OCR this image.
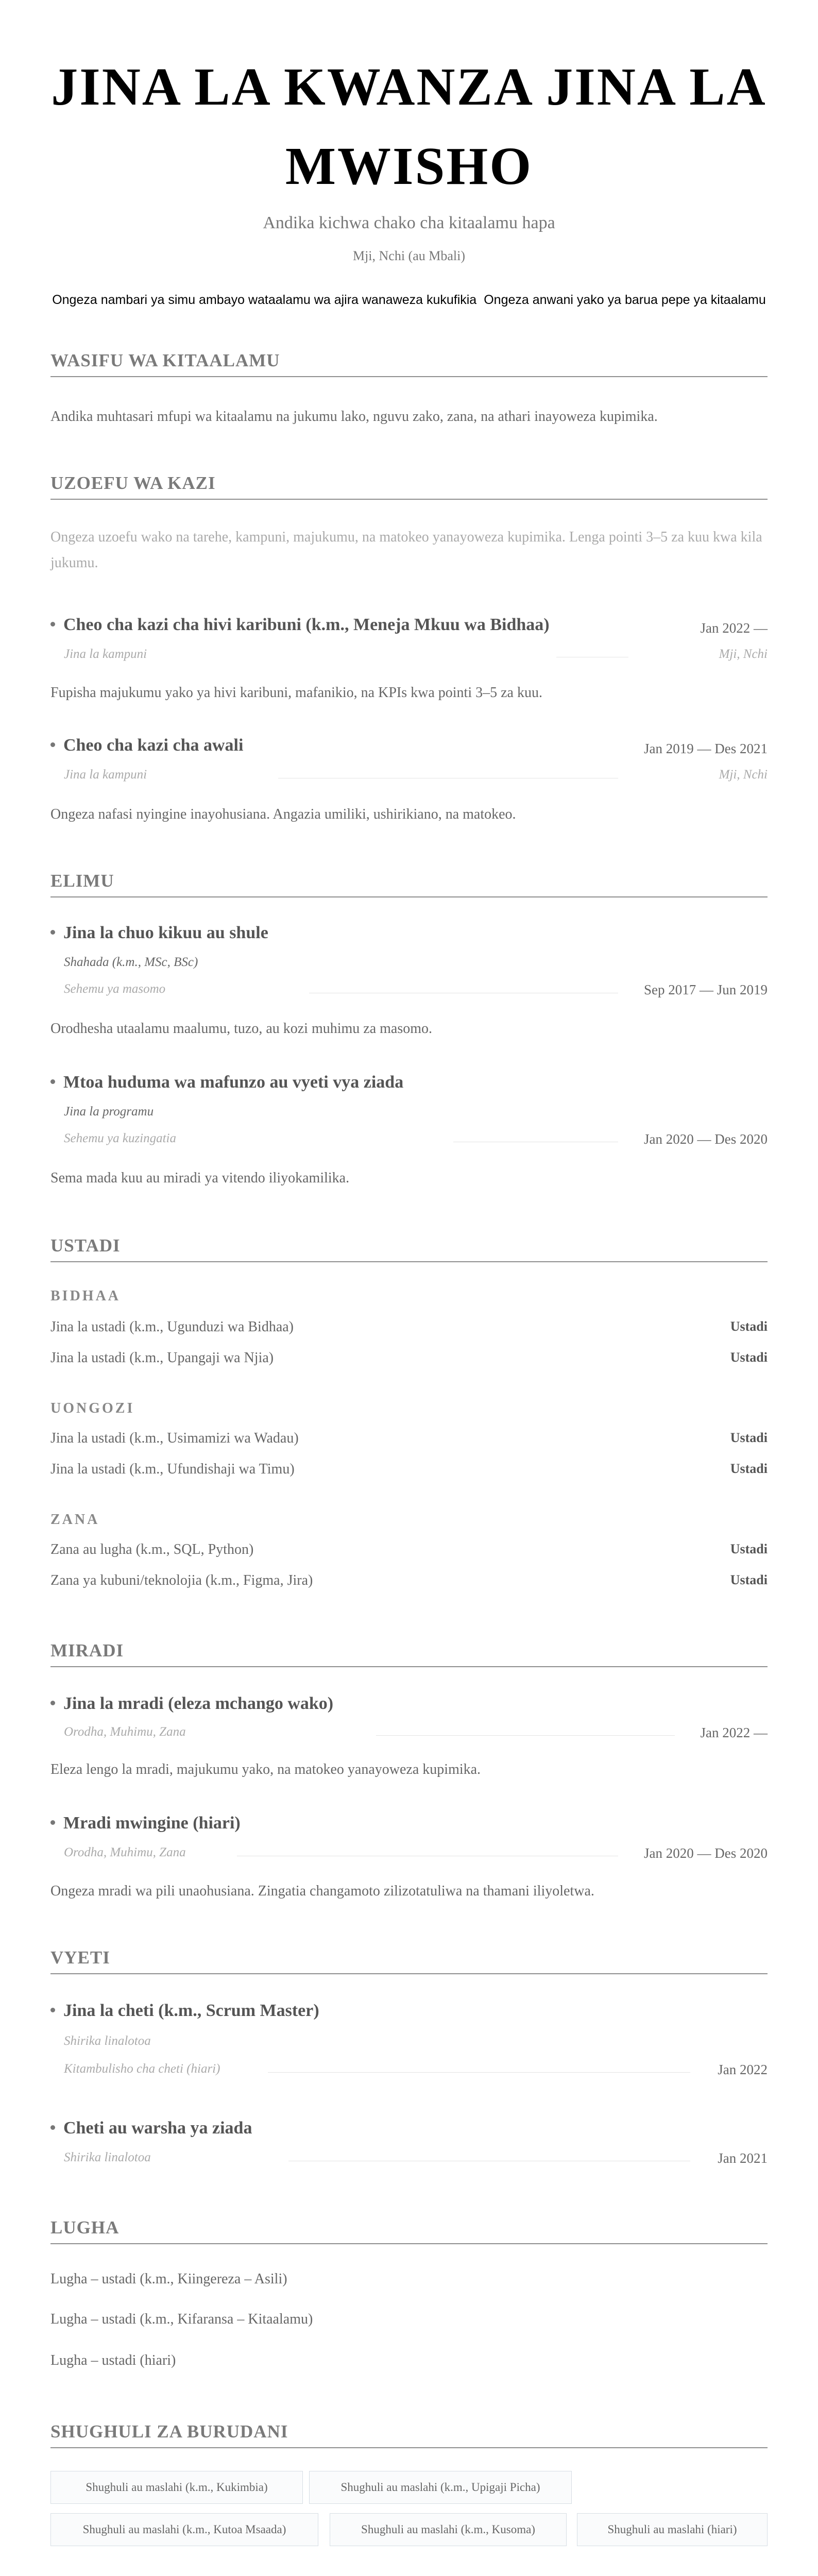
JINA LA KWANZA JINA LA MWISHO
Andika kichwa chako cha kitaalamu hapa
Mji, Nchi (au Mbali)
Ongeza nambari ya simu ambayo wataalamu wa ajira wanaweza kukufikia Ongeza anwani yako ya barua pepe ya kitaalamu
WASIFU WA KITAALAMU
Andika muhtasari mfupi wa kitaalamu na jukumu lako, nguvu zako, zana, na athari inayoweza kupimika.
UZOEFU WA KAZI
Ongeza uzoefu wako na tarehe, kampuni, majukumu, na matokeo yanayoweza kupimika. Lenga pointi 3–5 za kuu kwa kila jukumu.
Cheo cha kazi cha hivi karibuni (k.m., Meneja Mkuu wa Bidhaa)	Jan 2022 —
Jina la kampuni	Mji, Nchi
Fupisha majukumu yako ya hivi karibuni, mafanikio, na KPIs kwa pointi 3–5 za kuu.
Cheo cha kazi cha awali	Jan 2019 — Des 2021
Jina la kampuni	Mji, Nchi
Ongeza nafasi nyingine inayohusiana. Angazia umiliki, ushirikiano, na matokeo.
ELIMU
Jina la chuo kikuu au shule
Shahada (k.m., MSc, BSc)
Sehemu ya masomo	Sep 2017 — Jun 2019
Orodhesha utaalamu maalumu, tuzo, au kozi muhimu za masomo.
Mtoa huduma wa mafunzo au vyeti vya ziada
Jina la programu
Sehemu ya kuzingatia	Jan 2020 — Des 2020
Sema mada kuu au miradi ya vitendo iliyokamilika.
USTADI
BIDHAA
Jina la ustadi (k.m., Ugunduzi wa Bidhaa)	Ustadi
Jina la ustadi (k.m., Upangaji wa Njia)	Ustadi
UONGOZI
Jina la ustadi (k.m., Usimamizi wa Wadau)	Ustadi
Jina la ustadi (k.m., Ufundishaji wa Timu)	Ustadi
ZANA
Zana au lugha (k.m., SQL, Python)	Ustadi
Zana ya kubuni/teknolojia (k.m., Figma, Jira)	Ustadi
MIRADI
Jina la mradi (eleza mchango wako)
Orodha, Muhimu, Zana	Jan 2022 —
Eleza lengo la mradi, majukumu yako, na matokeo yanayoweza kupimika.
Mradi mwingine (hiari)
Orodha, Muhimu, Zana	Jan 2020 — Des 2020
Ongeza mradi wa pili unaohusiana. Zingatia changamoto zilizotatuliwa na thamani iliyoletwa.
VYETI
Jina la cheti (k.m., Scrum Master)
Shirika linalotoa
Kitambulisho cha cheti (hiari)	Jan 2022
Cheti au warsha ya ziada
Shirika linalotoa	Jan 2021
LUGHA
Lugha – ustadi (k.m., Kiingereza – Asili)
Lugha – ustadi (k.m., Kifaransa – Kitaalamu)
Lugha – ustadi (hiari)
SHUGHULI ZA BURUDANI
Shughuli au maslahi (k.m., Kukimbia)	Shughuli au maslahi (k.m., Upigaji Picha)
Shughuli au maslahi (k.m., Kutoa Msaada)	Shughuli au maslahi (k.m., Kusoma)	Shughuli au maslahi (hiari)
